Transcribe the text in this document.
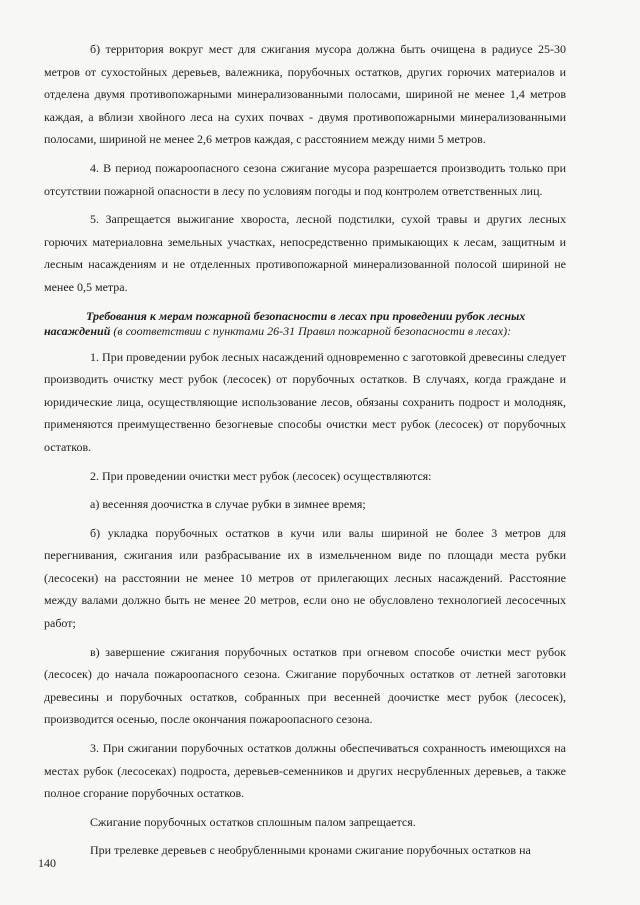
б) территория вокруг мест для сжигания мусора должна быть очищена в радиусе 25-30 метров от сухостойных деревьев, валежника, порубочных остатков, других горючих материалов и отделена двумя противопожарными минерализованными полосами, шириной не менее 1,4 метров каждая, а вблизи хвойного леса на сухих почвах - двумя противопожарными минерализованными полосами, шириной не менее 2,6 метров каждая, с расстоянием между ними 5 метров.

4. В период пожароопасного сезона сжигание мусора разрешается производить только при отсутствии пожарной опасности в лесу по условиям погоды и под контролем ответственных лиц.

5. Запрещается выжигание хвороста, лесной подстилки, сухой травы и других лесных горючих материаловна земельных участках, непосредственно примыкающих к лесам, защитным и лесным насаждениям и не отделенных противопожарной минерализованной полосой шириной не менее 0,5 метра.

Требования к мерам пожарной безопасности в лесах при проведении рубок лесных насаждений (в соответствии с пунктами 26-31 Правил пожарной безопасности в лесах):

1. При проведении рубок лесных насаждений одновременно с заготовкой древесины следует производить очистку мест рубок (лесосек) от порубочных остатков. В случаях, когда граждане и юридические лица, осуществляющие использование лесов, обязаны сохранить подрост и молодняк, применяются преимущественно безогневые способы очистки мест рубок (лесосек) от порубочных остатков.

2. При проведении очистки мест рубок (лесосек) осуществляются:

а) весенняя доочистка в случае рубки в зимнее время;

б) укладка порубочных остатков в кучи или валы шириной не более 3 метров для перегнивания, сжигания или разбрасывание их в измельченном виде по площади места рубки (лесосеки) на расстоянии не менее 10 метров от прилегающих лесных насаждений. Расстояние между валами должно быть не менее 20 метров, если оно не обусловлено технологией лесосечных работ;

в) завершение сжигания порубочных остатков при огневом способе очистки мест рубок (лесосек) до начала пожароопасного сезона. Сжигание порубочных остатков от летней заготовки древесины и порубочных остатков, собранных при весенней доочистке мест рубок (лесосек), производится осенью, после окончания пожароопасного сезона.

3. При сжигании порубочных остатков должны обеспечиваться сохранность имеющихся на местах рубок (лесосеках) подроста, деревьев-семенников и других несрубленных деревьев, а также полное сгорание порубочных остатков.

Сжигание порубочных остатков сплошным палом запрещается.

При трелевке деревьев с необрубленными кронами сжигание порубочных остатков на

140
